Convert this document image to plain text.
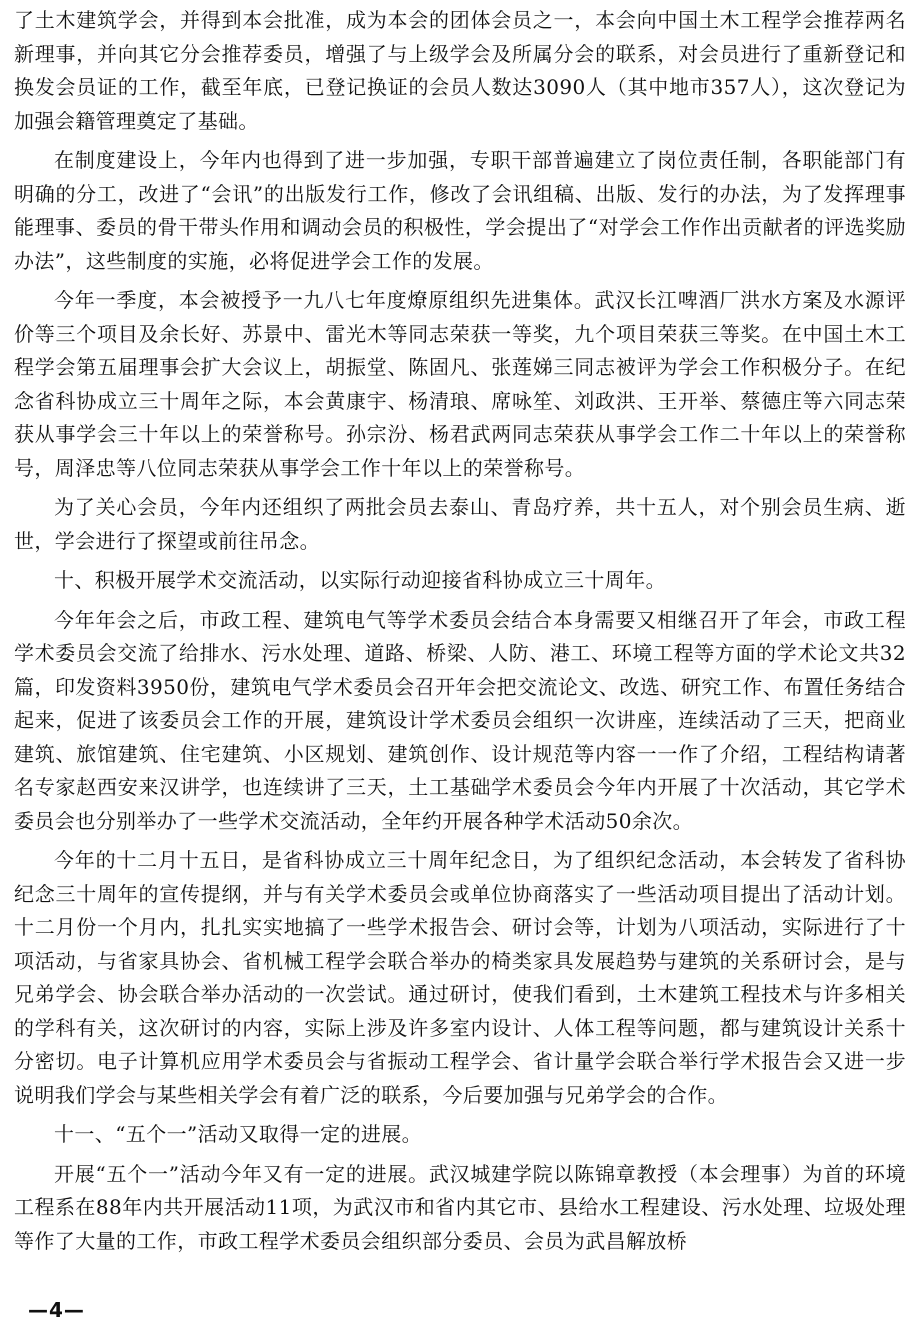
了土木建筑学会，并得到本会批准，成为本会的团体会员之一，本会向中国土木工程学会推荐两名新理事，并向其它分会推荐委员，增强了与上级学会及所属分会的联系，对会员进行了重新登记和换发会员证的工作，截至年底，已登记换证的会员人数达3090人（其中地市357人），这次登记为加强会籍管理奠定了基础。

在制度建设上，今年内也得到了进一步加强，专职干部普遍建立了岗位责任制，各职能部门有明确的分工，改进了“会讯”的出版发行工作，修改了会讯组稿、出版、发行的办法，为了发挥理事能理事、委员的骨干带头作用和调动会员的积极性，学会提出了“对学会工作作出贡献者的评选奖励办法”，这些制度的实施，必将促进学会工作的发展。

今年一季度，本会被授予一九八七年度燎原组织先进集体。武汉长江啤酒厂洪水方案及水源评价等三个项目及余长好、苏景中、雷光木等同志荣获一等奖，九个项目荣获三等奖。在中国土木工程学会第五届理事会扩大会议上，胡振堂、陈固凡、张莲娣三同志被评为学会工作积极分子。在纪念省科协成立三十周年之际，本会黄康宇、杨清琅、席咏笙、刘政洪、王开举、蔡德庄等六同志荣获从事学会三十年以上的荣誉称号。孙宗汾、杨君武两同志荣获从事学会工作二十年以上的荣誉称号，周泽忠等八位同志荣获从事学会工作十年以上的荣誉称号。

为了关心会员，今年内还组织了两批会员去泰山、青岛疗养，共十五人，对个别会员生病、逝世，学会进行了探望或前往吊念。

十、积极开展学术交流活动，以实际行动迎接省科协成立三十周年。

今年年会之后，市政工程、建筑电气等学术委员会结合本身需要又相继召开了年会，市政工程学术委员会交流了给排水、污水处理、道路、桥梁、人防、港工、环境工程等方面的学术论文共32篇，印发资料3950份，建筑电气学术委员会召开年会把交流论文、改选、研究工作、布置任务结合起来，促进了该委员会工作的开展，建筑设计学术委员会组织一次讲座，连续活动了三天，把商业建筑、旅馆建筑、住宅建筑、小区规划、建筑创作、设计规范等内容一一作了介绍，工程结构请著名专家赵西安来汉讲学，也连续讲了三天，土工基础学术委员会今年内开展了十次活动，其它学术委员会也分别举办了一些学术交流活动，全年约开展各种学术活动50余次。

今年的十二月十五日，是省科协成立三十周年纪念日，为了组织纪念活动，本会转发了省科协纪念三十周年的宣传提纲，并与有关学术委员会或单位协商落实了一些活动项目提出了活动计划。十二月份一个月内，扎扎实实地搞了一些学术报告会、研讨会等，计划为八项活动，实际进行了十项活动，与省家具协会、省机械工程学会联合举办的椅类家具发展趋势与建筑的关系研讨会，是与兄弟学会、协会联合举办活动的一次尝试。通过研讨，使我们看到，土木建筑工程技术与许多相关的学科有关，这次研讨的内容，实际上涉及许多室内设计、人体工程等问题，都与建筑设计关系十分密切。电子计算机应用学术委员会与省振动工程学会、省计量学会联合举行学术报告会又进一步说明我们学会与某些相关学会有着广泛的联系，今后要加强与兄弟学会的合作。

十一、“五个一”活动又取得一定的进展。

开展“五个一”活动今年又有一定的进展。武汉城建学院以陈锦章教授（本会理事）为首的环境工程系在88年内共开展活动11项，为武汉市和省内其它市、县给水工程建设、污水处理、垃圾处理等作了大量的工作，市政工程学术委员会组织部分委员、会员为武昌解放桥

—4—
